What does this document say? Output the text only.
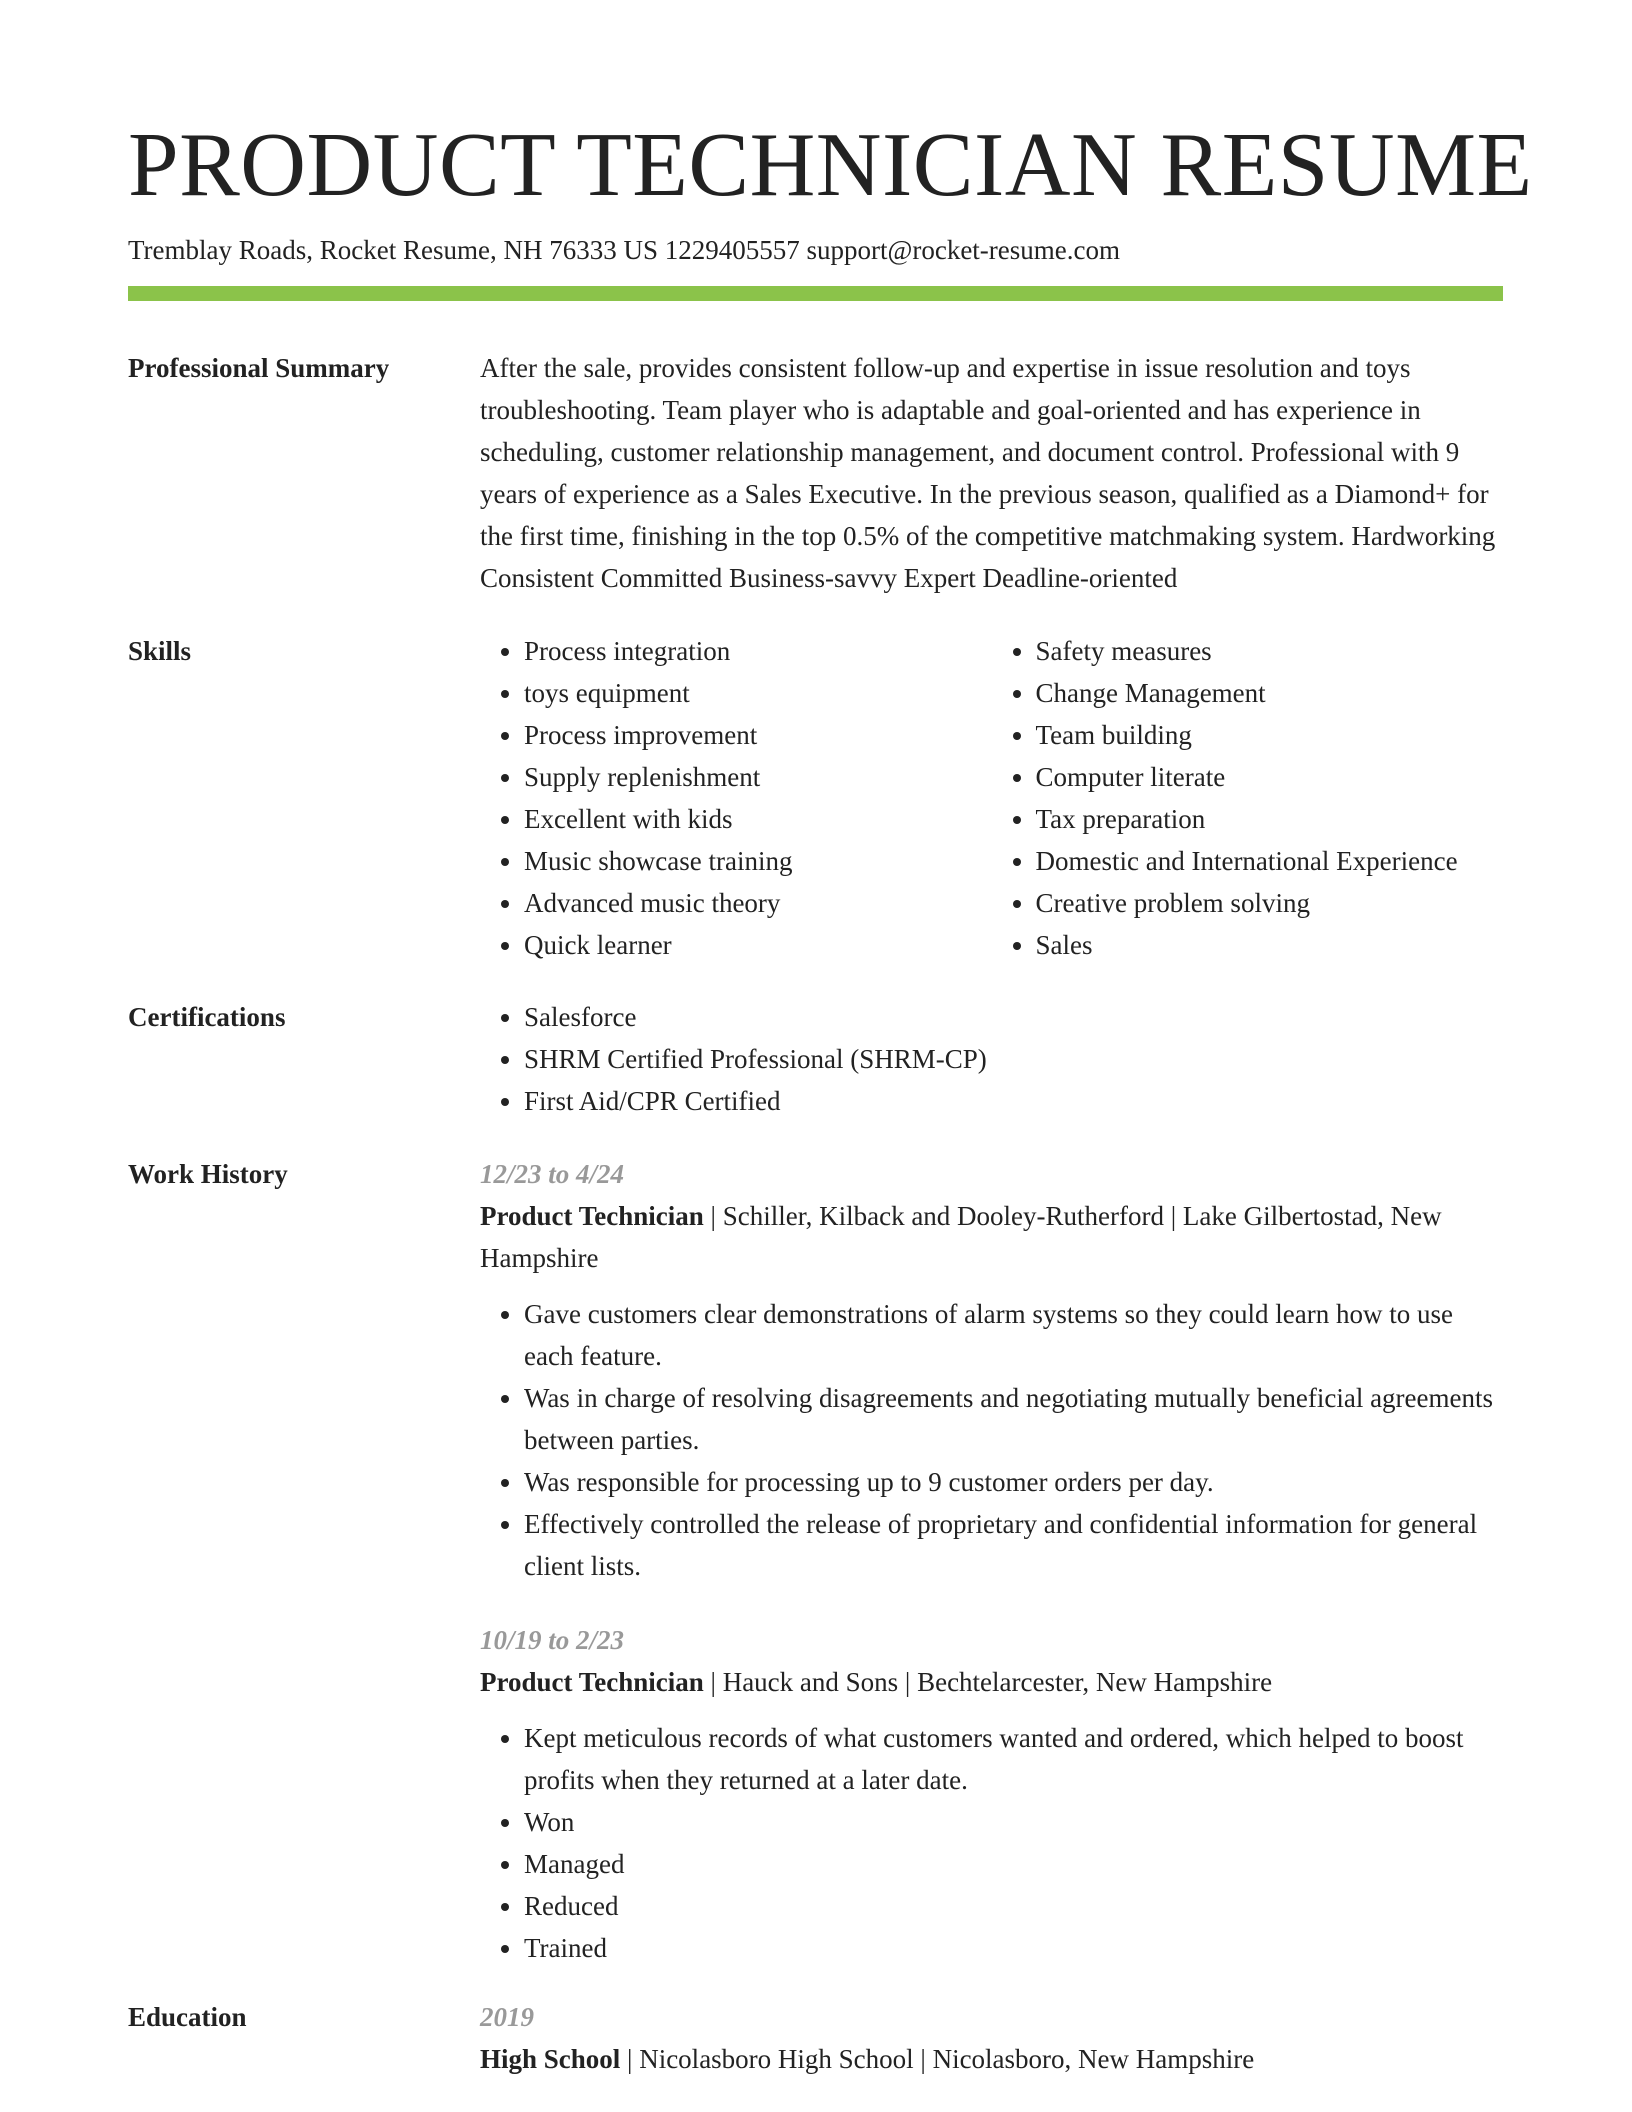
PRODUCT TECHNICIAN RESUME

Tremblay Roads, Rocket Resume, NH 76333 US 1229405557 support@rocket-resume.com

Professional Summary	After the sale, provides consistent follow-up and expertise in issue resolution and toys troubleshooting. Team player who is adaptable and goal-oriented and has experience in scheduling, customer relationship management, and document control. Professional with 9 years of experience as a Sales Executive. In the previous season, qualified as a Diamond+ for the first time, finishing in the top 0.5% of the competitive matchmaking system. Hardworking Consistent Committed Business-savvy Expert Deadline-oriented

Skills	• Process integration
• toys equipment
• Process improvement
• Supply replenishment
• Excellent with kids
• Music showcase training
• Advanced music theory
• Quick learner
• Safety measures
• Change Management
• Team building
• Computer literate
• Tax preparation
• Domestic and International Experience
• Creative problem solving
• Sales
Certifications	• Salesforce
• SHRM Certified Professional (SHRM-CP)
• First Aid/CPR Certified
Work History	12/23 to 4/24

Product Technician | Schiller, Kilback and Dooley-Rutherford | Lake Gilbertostad, New Hampshire

• Gave customers clear demonstrations of alarm systems so they could learn how to use each feature.
• Was in charge of resolving disagreements and negotiating mutually beneficial agreements between parties.
• Was responsible for processing up to 9 customer orders per day.
• Effectively controlled the release of proprietary and confidential information for general client lists.

10/19 to 2/23

Product Technician | Hauck and Sons | Bechtelarcester, New Hampshire

• Kept meticulous records of what customers wanted and ordered, which helped to boost profits when they returned at a later date.
• Won
• Managed
• Reduced
• Trained
Education	2019

High School | Nicolasboro High School | Nicolasboro, New Hampshire
